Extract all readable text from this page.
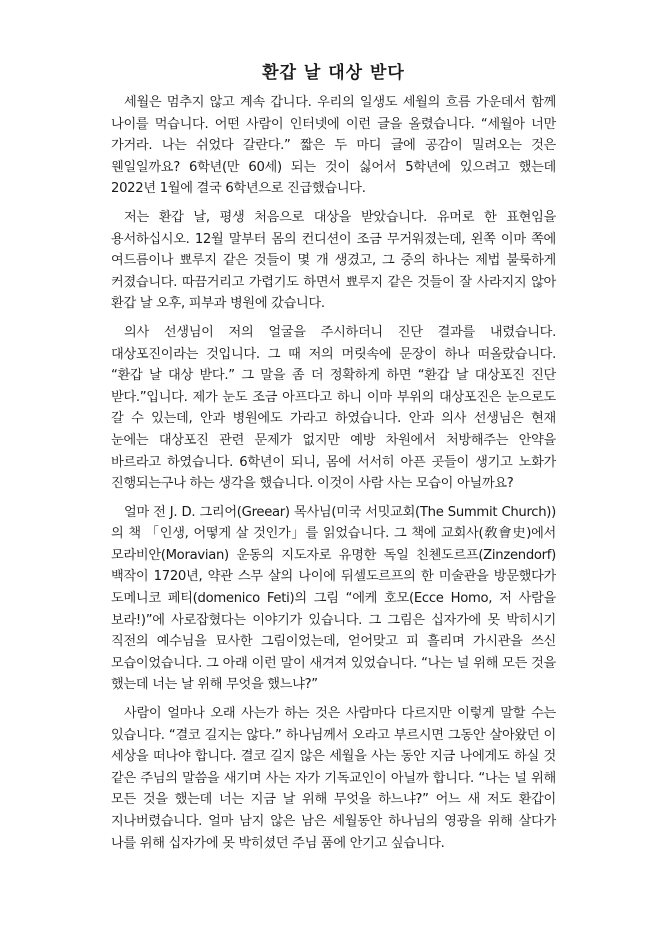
환갑 날 대상 받다

세월은 멈추지 않고 계속 갑니다. 우리의 일생도 세월의 흐름 가운데서 함께 나이를 먹습니다. 어떤 사람이 인터넷에 이런 글을 올렸습니다. “세월아 너만 가거라. 나는 쉬었다 갈란다.” 짧은 두 마디 글에 공감이 밀려오는 것은 웬일일까요? 6학년(만 60세) 되는 것이 싫어서 5학년에 있으려고 했는데 2022년 1월에 결국 6학년으로 진급했습니다.

저는 환갑 날, 평생 처음으로 대상을 받았습니다. 유머로 한 표현임을 용서하십시오. 12월 말부터 몸의 컨디션이 조금 무거워졌는데, 왼쪽 이마 쪽에 여드름이나 뾰루지 같은 것들이 몇 개 생겼고, 그 중의 하나는 제법 불룩하게 커졌습니다. 따끔거리고 가렵기도 하면서 뾰루지 같은 것들이 잘 사라지지 않아 환갑 날 오후, 피부과 병원에 갔습니다.

의사 선생님이 저의 얼굴을 주시하더니 진단 결과를 내렸습니다. 대상포진이라는 것입니다. 그 때 저의 머릿속에 문장이 하나 떠올랐습니다. “환갑 날 대상 받다.” 그 말을 좀 더 정확하게 하면 “환갑 날 대상포진 진단 받다.”입니다. 제가 눈도 조금 아프다고 하니 이마 부위의 대상포진은 눈으로도 갈 수 있는데, 안과 병원에도 가라고 하였습니다. 안과 의사 선생님은 현재 눈에는 대상포진 관련 문제가 없지만 예방 차원에서 처방해주는 안약을 바르라고 하였습니다. 6학년이 되니, 몸에 서서히 아픈 곳들이 생기고 노화가 진행되는구나 하는 생각을 했습니다. 이것이 사람 사는 모습이 아닐까요?

얼마 전 J. D. 그리어(Greear) 목사님(미국 서밋교회(The Summit Church))의 책 「인생, 어떻게 살 것인가」를 읽었습니다. 그 책에 교회사(敎會史)에서 모라비안(Moravian) 운동의 지도자로 유명한 독일 친첸도르프(Zinzendorf) 백작이 1720년, 약관 스무 살의 나이에 뒤셀도르프의 한 미술관을 방문했다가 도메니코 페티(domenico Feti)의 그림 “에케 호모(Ecce Homo, 저 사람을 보라!)”에 사로잡혔다는 이야기가 있습니다. 그 그림은 십자가에 못 박히시기 직전의 예수님을 묘사한 그림이었는데, 얻어맞고 피 흘리며 가시관을 쓰신 모습이었습니다. 그 아래 이런 말이 새겨져 있었습니다. “나는 널 위해 모든 것을 했는데 너는 날 위해 무엇을 했느냐?”

사람이 얼마나 오래 사는가 하는 것은 사람마다 다르지만 이렇게 말할 수는 있습니다. “결코 길지는 않다.” 하나님께서 오라고 부르시면 그동안 살아왔던 이 세상을 떠나야 합니다. 결코 길지 않은 세월을 사는 동안 지금 나에게도 하실 것 같은 주님의 말씀을 새기며 사는 자가 기독교인이 아닐까 합니다. “나는 널 위해 모든 것을 했는데 너는 지금 날 위해 무엇을 하느냐?” 어느 새 저도 환갑이 지나버렸습니다. 얼마 남지 않은 남은 세월동안 하나님의 영광을 위해 살다가 나를 위해 십자가에 못 박히셨던 주님 품에 안기고 싶습니다.
